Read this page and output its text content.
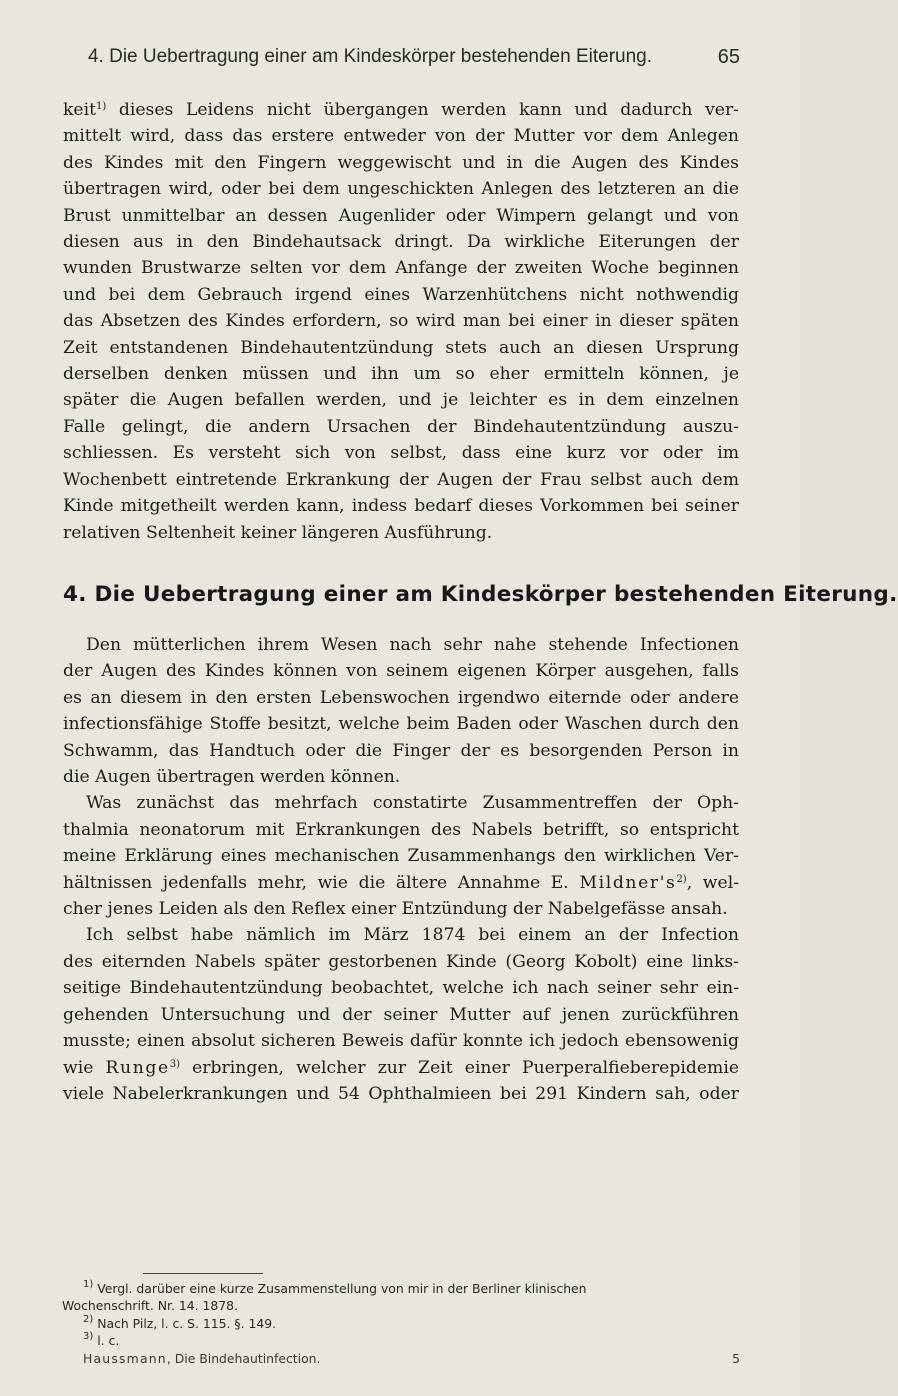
4. Die Uebertragung einer am Kindeskörper bestehenden Eiterung.	65
keit$^{1)}$ dieses Leidens nicht übergangen werden kann und dadurch ver-
mittelt wird, dass das erstere entweder von der Mutter vor dem Anlegen
des Kindes mit den Fingern weggewischt und in die Augen des Kindes
übertragen wird, oder bei dem ungeschickten Anlegen des letzteren an die
Brust unmittelbar an dessen Augenlider oder Wimpern gelangt und von
diesen aus in den Bindehautsack dringt. Da wirkliche Eiterungen der
wunden Brustwarze selten vor dem Anfange der zweiten Woche beginnen
und bei dem Gebrauch irgend eines Warzenhütchens nicht nothwendig
das Absetzen des Kindes erfordern, so wird man bei einer in dieser späten
Zeit entstandenen Bindehautentzündung stets auch an diesen Ursprung
derselben denken müssen und ihn um so eher ermitteln können, je
später die Augen befallen werden, und je leichter es in dem einzelnen
Falle gelingt, die andern Ursachen der Bindehautentzündung auszu-
schliessen. Es versteht sich von selbst, dass eine kurz vor oder im
Wochenbett eintretende Erkrankung der Augen der Frau selbst auch dem
Kinde mitgetheilt werden kann, indess bedarf dieses Vorkommen bei seiner
relativen Seltenheit keiner längeren Ausführung.
4. Die Uebertragung einer am Kindeskörper bestehenden Eiterung.

Den mütterlichen ihrem Wesen nach sehr nahe stehende Infectionen
der Augen des Kindes können von seinem eigenen Körper ausgehen, falls
es an diesem in den ersten Lebenswochen irgendwo eiternde oder andere
infectionsfähige Stoffe besitzt, welche beim Baden oder Waschen durch den
Schwamm, das Handtuch oder die Finger der es besorgenden Person in
die Augen übertragen werden können.

Was zunächst das mehrfach constatirte Zusammentreffen der Oph-
thalmia neonatorum mit Erkrankungen des Nabels betrifft, so entspricht
meine Erklärung eines mechanischen Zusammenhangs den wirklichen Ver-
hältnissen jedenfalls mehr, wie die ältere Annahme E. $Mildner's^{2)}$, wel-
cher jenes Leiden als den Reflex einer Entzündung der Nabelgefässe ansah.

Ich selbst habe nämlich im März 1874 bei einem an der Infection
des eiternden Nabels später gestorbenen Kinde (Georg Kobolt) eine links-
seitige Bindehautentzündung beobachtet, welche ich nach seiner sehr ein-
gehenden Untersuchung und der seiner Mutter auf jenen zurückführen
musste; einen absolut sicheren Beweis dafür konnte ich jedoch ebensowenig
wie Runge$^{3)}$ erbringen, welcher zur Zeit einer Puerperalfieberepidemie
viele Nabelerkrankungen und 54 Ophthalmieen bei 291 Kindern sah, oder

$^{1)}$ Vergl. darüber eine kurze Zusammenstellung von mir in der Berliner klinischen
Wochenschrift. Nr. 14. 1878.
$^{2)}$ Nach Pilz, l. c. S. 115. §. 149.
$^{3)}$ l. c.
Haussmann, Die Bindehautinfection.	5
